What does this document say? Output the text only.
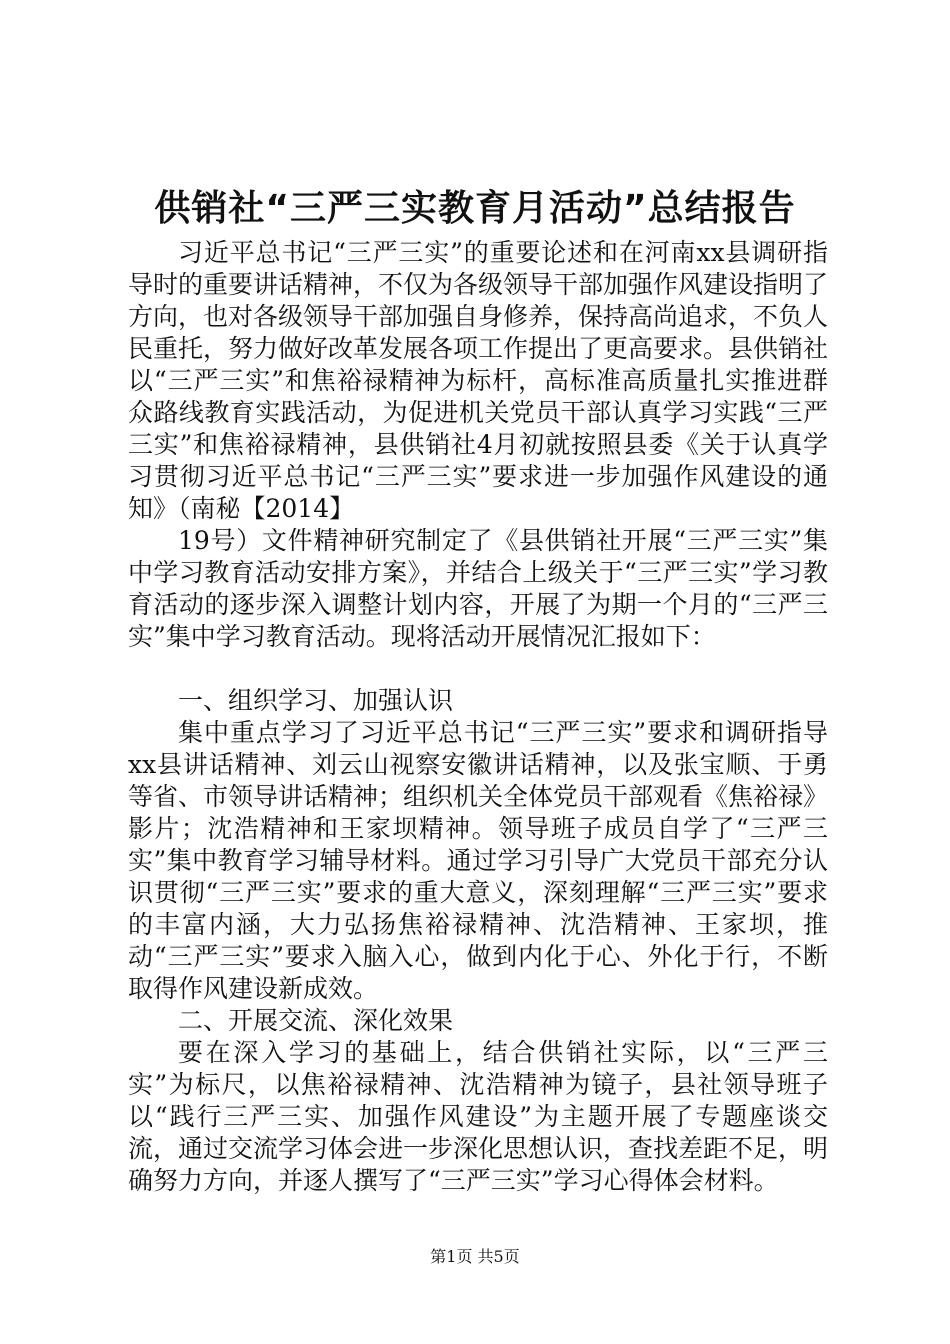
供销社“三严三实教育月活动”总结报告

习近平总书记“三严三实”的重要论述和在河南xx县调研指导时的重要讲话精神，不仅为各级领导干部加强作风建设指明了方向，也对各级领导干部加强自身修养，保持高尚追求，不负人民重托，努力做好改革发展各项工作提出了更高要求。县供销社以“三严三实”和焦裕禄精神为标杆，高标准高质量扎实推进群众路线教育实践活动，为促进机关党员干部认真学习实践“三严三实”和焦裕禄精神，县供销社4月初就按照县委《关于认真学习贯彻习近平总书记“三严三实”要求进一步加强作风建设的通知》（南秘【2014】

19号）文件精神研究制定了《县供销社开展“三严三实”集中学习教育活动安排方案》，并结合上级关于“三严三实”学习教育活动的逐步深入调整计划内容，开展了为期一个月的“三严三实”集中学习教育活动。现将活动开展情况汇报如下：

一、组织学习、加强认识

集中重点学习了习近平总书记“三严三实”要求和调研指导xx县讲话精神、刘云山视察安徽讲话精神，以及张宝顺、于勇等省、市领导讲话精神；组织机关全体党员干部观看《焦裕禄》影片；沈浩精神和王家坝精神。领导班子成员自学了“三严三实”集中教育学习辅导材料。通过学习引导广大党员干部充分认识贯彻“三严三实”要求的重大意义，深刻理解“三严三实”要求的丰富内涵，大力弘扬焦裕禄精神、沈浩精神、王家坝，推动“三严三实”要求入脑入心，做到内化于心、外化于行，不断取得作风建设新成效。

二、开展交流、深化效果

要在深入学习的基础上，结合供销社实际，以“三严三实”为标尺，以焦裕禄精神、沈浩精神为镜子，县社领导班子以“践行三严三实、加强作风建设”为主题开展了专题座谈交流，通过交流学习体会进一步深化思想认识，查找差距不足，明确努力方向，并逐人撰写了“三严三实”学习心得体会材料。

第1页 共5页
